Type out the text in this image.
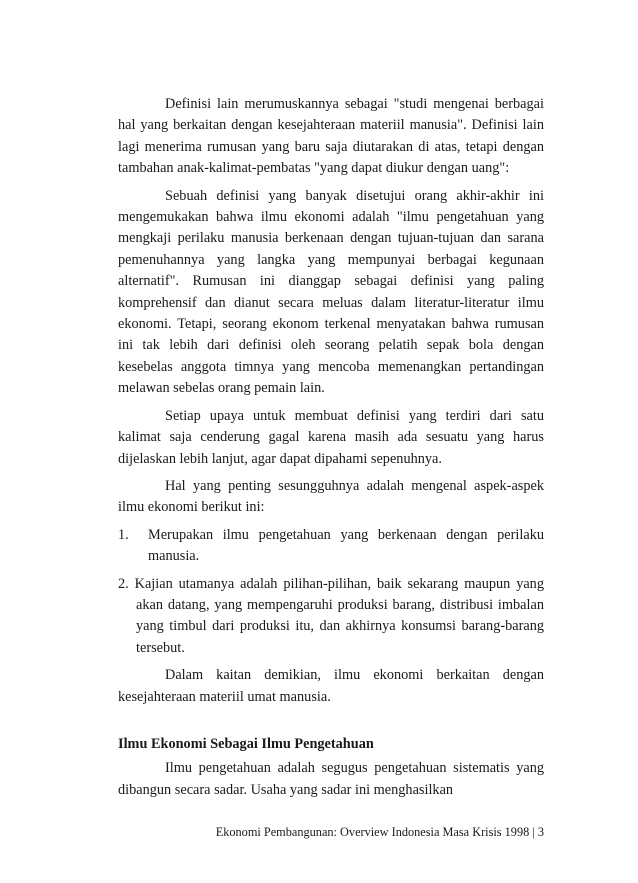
Definisi lain merumuskannya sebagai "studi mengenai berbagai hal yang berkaitan dengan kesejahteraan materiil manusia". Definisi lain lagi menerima rumusan yang baru saja diutarakan di atas, tetapi dengan tambahan anak-kalimat-pembatas "yang dapat diukur dengan uang":

Sebuah definisi yang banyak disetujui orang akhir-akhir ini mengemukakan bahwa ilmu ekonomi adalah "ilmu pengetahuan yang mengkaji perilaku manusia berkenaan dengan tujuan-tujuan dan sarana pemenuhannya yang langka yang mempunyai berbagai kegunaan alternatif". Rumusan ini dianggap sebagai definisi yang paling komprehensif dan dianut secara meluas dalam literatur-literatur ilmu ekonomi. Tetapi, seorang ekonom terkenal menyatakan bahwa rumusan ini tak lebih dari definisi oleh seorang pelatih sepak bola dengan kesebelas anggota timnya yang mencoba memenangkan pertandingan melawan sebelas orang pemain lain.

Setiap upaya untuk membuat definisi yang terdiri dari satu kalimat saja cenderung gagal karena masih ada sesuatu yang harus dijelaskan lebih lanjut, agar dapat dipahami sepenuhnya.

Hal yang penting sesungguhnya adalah mengenal aspek-aspek ilmu ekonomi berikut ini:

1. Merupakan ilmu pengetahuan yang berkenaan dengan perilaku manusia.
2. Kajian utamanya adalah pilihan-pilihan, baik sekarang maupun yang akan datang, yang mempengaruhi produksi barang, distribusi imbalan yang timbul dari produksi itu, dan akhirnya konsumsi barang-barang tersebut.

Dalam kaitan demikian, ilmu ekonomi berkaitan dengan kesejahteraan materiil umat manusia.

Ilmu Ekonomi Sebagai Ilmu Pengetahuan

Ilmu pengetahuan adalah segugus pengetahuan sistematis yang dibangun secara sadar. Usaha yang sadar ini menghasilkan

Ekonomi Pembangunan: Overview Indonesia Masa Krisis 1998 | 3
